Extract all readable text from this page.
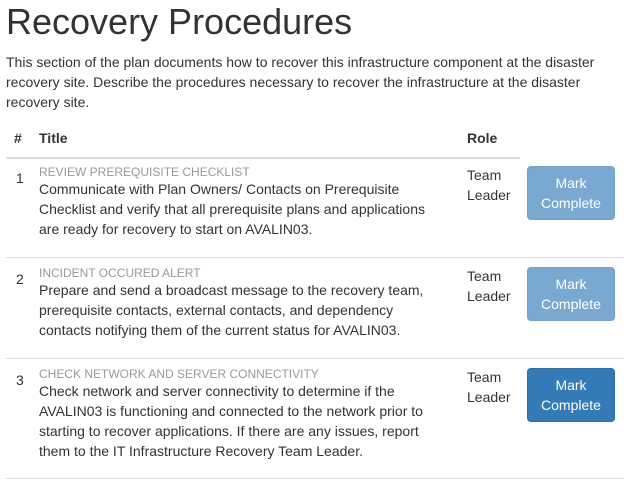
Recovery Procedures

This section of the plan documents how to recover this infrastructure component at the disaster recovery site. Describe the procedures necessary to recover the infrastructure at the disaster recovery site.

# Title	Role
1 REVIEW PREREQUISITE CHECKLIST
Communicate with Plan Owners/ Contacts on Prerequisite Checklist and verify that all prerequisite plans and applications are ready for recovery to start on AVALIN03.
Team Leader
Mark Complete
2 INCIDENT OCCURED ALERT
Prepare and send a broadcast message to the recovery team, prerequisite contacts, external contacts, and dependency contacts notifying them of the current status for AVALIN03.
Team Leader
Mark Complete
3 CHECK NETWORK AND SERVER CONNECTIVITY
Check network and server connectivity to determine if the AVALIN03 is functioning and connected to the network prior to starting to recover applications. If there are any issues, report them to the IT Infrastructure Recovery Team Leader.
Team Leader
Mark Complete
